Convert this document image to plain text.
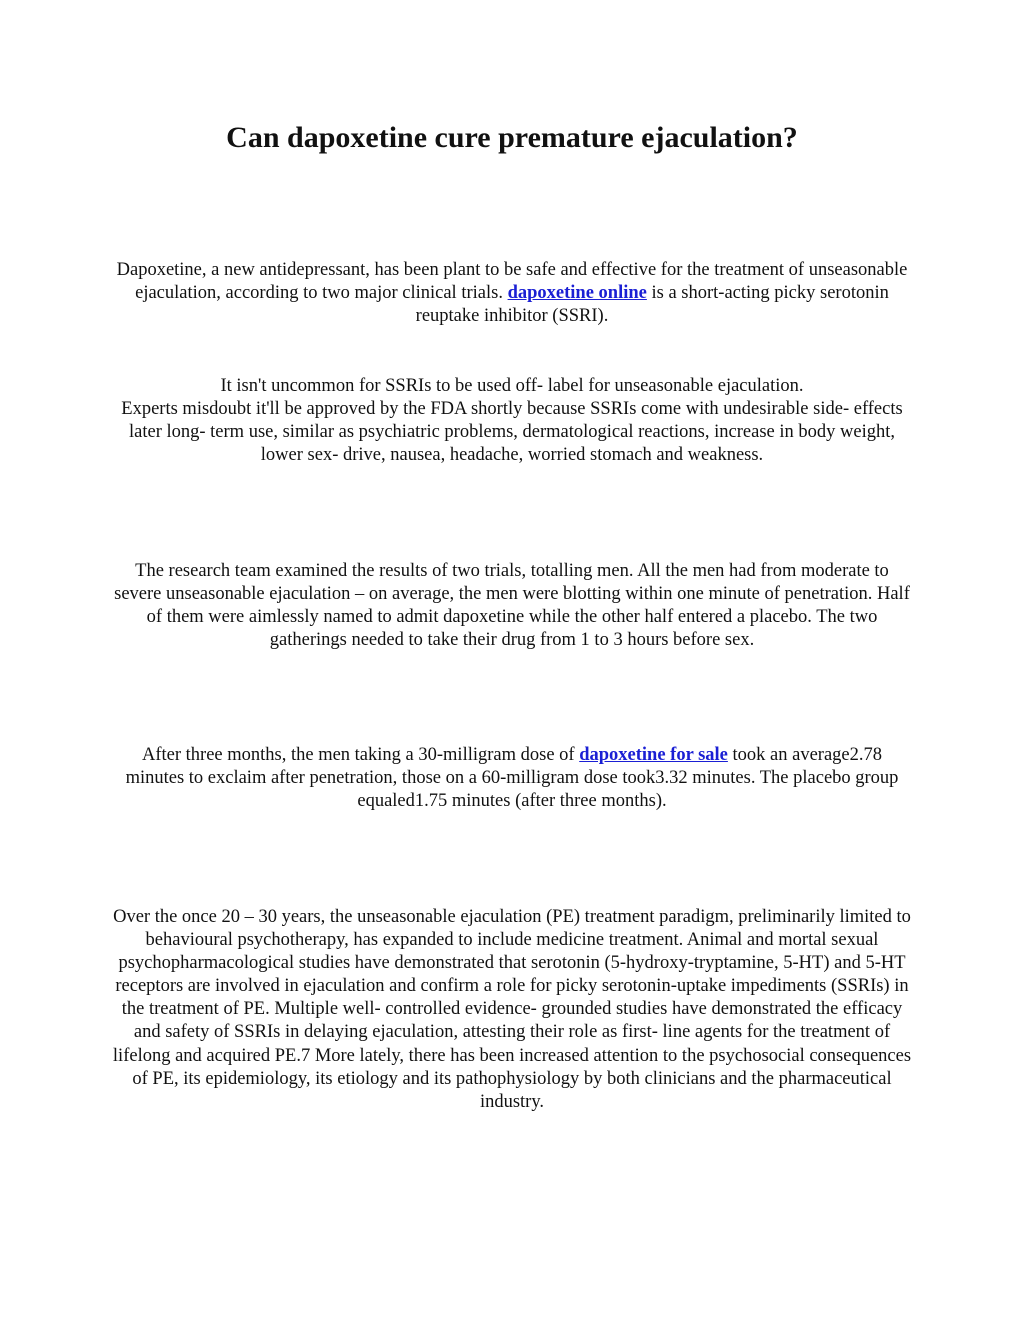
Can dapoxetine cure premature ejaculation?

Dapoxetine, a new antidepressant, has been plant to be safe and effective for the treatment of unseasonable ejaculation, according to two major clinical trials. dapoxetine online is a short-acting picky serotonin reuptake inhibitor (SSRI).

It isn't uncommon for SSRIs to be used off- label for unseasonable ejaculation.
Experts misdoubt it'll be approved by the FDA shortly because SSRIs come with undesirable side- effects later long- term use, similar as psychiatric problems, dermatological reactions, increase in body weight, lower sex- drive, nausea, headache, worried stomach and weakness.

The research team examined the results of two trials, totalling men. All the men had from moderate to severe unseasonable ejaculation – on average, the men were blotting within one minute of penetration. Half of them were aimlessly named to admit dapoxetine while the other half entered a placebo. The two gatherings needed to take their drug from 1 to 3 hours before sex.

After three months, the men taking a 30-milligram dose of dapoxetine for sale took an average2.78 minutes to exclaim after penetration, those on a 60-milligram dose took3.32 minutes. The placebo group equaled1.75 minutes (after three months).

Over the once 20 – 30 years, the unseasonable ejaculation (PE) treatment paradigm, preliminarily limited to behavioural psychotherapy, has expanded to include medicine treatment. Animal and mortal sexual psychopharmacological studies have demonstrated that serotonin (5-hydroxy-tryptamine, 5-HT) and 5-HT receptors are involved in ejaculation and confirm a role for picky serotonin-uptake impediments (SSRIs) in the treatment of PE. Multiple well- controlled evidence- grounded studies have demonstrated the efficacy and safety of SSRIs in delaying ejaculation, attesting their role as first- line agents for the treatment of lifelong and acquired PE.7 More lately, there has been increased attention to the psychosocial consequences of PE, its epidemiology, its etiology and its pathophysiology by both clinicians and the pharmaceutical industry.
